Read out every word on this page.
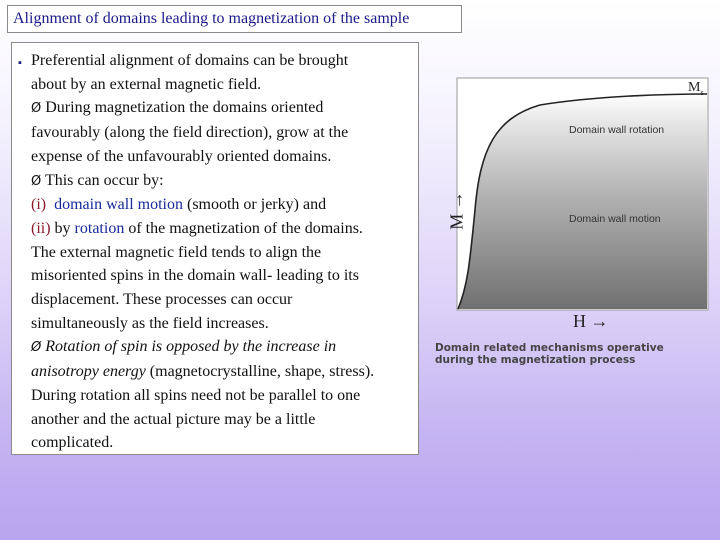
Alignment of domains leading to magnetization of the sample
▪ Preferential alignment of domains can be brought
about by an external magnetic field.
Ø During magnetization the domains oriented
favourably (along the field direction), grow at the
expense of the unfavourably oriented domains.
Ø This can occur by:
(i) domain wall motion (smooth or jerky) and
(ii) by rotation of the magnetization of the domains.
The external magnetic field tends to align the
misoriented spins in the domain wall- leading to its
displacement. These processes can occur
simultaneously as the field increases.
Ø Rotation of spin is opposed by the increase in
anisotropy energy (magnetocrystalline, shape, stress).
During rotation all spins need not be parallel to one
another and the actual picture may be a little
complicated.
Domain wall rotation
Domain wall motion
M →
H →
$M_s$
Domain related mechanisms operative
during the magnetization process
